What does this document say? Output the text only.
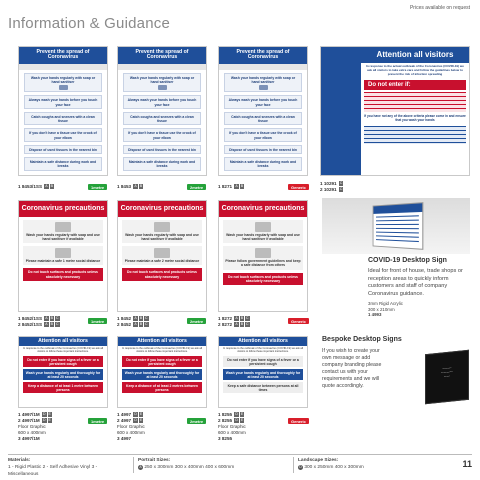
Prices available on request
Information & Guidance
Prevent the spread of Coronavirus
Wash your hands regularly with soap or hand sanitiser
Always wash your hands before you touch your face
Catch coughs and sneezes with a clean tissue
If you don't have a tissue use the crook of your elbow
Dispose of used tissues in the nearest bin
Maintain a safe distance during work and breaks
Prevent the spread of Coronavirus
Wash your hands regularly with soap or hand sanitiser
Always wash your hands before you touch your face
Catch coughs and sneezes with a clean tissue
If you don't have a tissue use the crook of your elbow
Dispose of used tissues in the nearest bin
Maintain a safe distance during work and breaks
Prevent the spread of Coronavirus
Wash your hands regularly with soap or hand sanitiser
Always wash your hands before you touch your face
Catch coughs and sneezes with a clean tissue
If you don't have a tissue use the crook of your elbow
Dispose of used tissues in the nearest bin
Maintain a safe distance during work and breaks
Attention all visitors
In response to the actual outbreak of the Coronavirus (COVID-19) we ask all visitors to take extra care and follow the guidelines below to prevent the risk of infection spreading
Do not enter if:
If you have not any of the above criteria please come in and ensure that you wash your hands
1 8453/1SS A B	1metre	1 8453 A B	2metre	1 8271 A B	Generic
1 10291 C
2 10291 C
Coronavirus precautions
Wash your hands regularly with soap and use hand sanitiser if available
Please maintain a safe 1 metre social distance
Do not touch surfaces and products unless absolutely necessary
Coronavirus precautions
Wash your hands regularly with soap and use hand sanitiser if available
Please maintain a safe 2 metre social distance
Do not touch surfaces and products unless absolutely necessary
Coronavirus precautions
Wash your hands regularly with soap and use hand sanitiser if available
Please follow government guidelines and keep a safe distance from others
Do not touch surfaces and products unless absolutely necessary
COVID-19 Desktop Sign
Ideal for front of house, trade shops or reception areas to quickly inform customers and staff of company Coronavirus guidance.
3mm Rigid Acrylic
300 x 210mm
1 4993
1 8452/1SS A B C
2 8452/1SS A B C
1metre	1 8452 A B C
2 8452 A B C
2metre	1 8272 A B C
2 8272 A B C
Generic
Attention all visitors
In response to the outbreak of the Coronavirus (COVID-19) we ask all visitors to follow these important instructions.
Do not enter if you have signs of a fever or a persistent cough
Wash your hands regularly and thoroughly for at least 20 seconds
Keep a distance of at least 1 metre between persons
Attention all visitors
In response to the outbreak of the Coronavirus (COVID-19) we ask all visitors to follow these important instructions.
Do not enter if you have signs of a fever or a persistent cough
Wash your hands regularly and thoroughly for at least 20 seconds
Keep a distance of at least 2 metres between persons
Attention all visitors
In response to the outbreak of the Coronavirus (COVID-19) we ask all visitors to follow these important instructions.
Do not enter if you have signs of a fever or a persistent cough
Wash your hands regularly and thoroughly for at least 20 seconds
Keep a safe distance between persons at all times
1 4997/1M D E
2 4997/1M D E
Floor Graphic
600 x 400mm
3 4997/1M
1metre
1 4997 D E
2 4997 D E
Floor Graphic
600 x 400mm
3 4997
2metre
1 8255 D E
2 8255 D E
Floor Graphic
600 x 400mm
3 8255
Generic
Bespoke Desktop Signs
If you wish to create your own message or add company branding please contact us with your requirements and we will quote accordingly.
———
————
——
Materials:
1 - Rigid Plastic 2 - Self Adhesive Vinyl 3 - Miscellaneous
Portrait Sizes:
A 250 x 300mm 300 x 400mm 400 x 600mm
Landscape Sizes:
D 300 x 250mm 400 x 300mm	11
